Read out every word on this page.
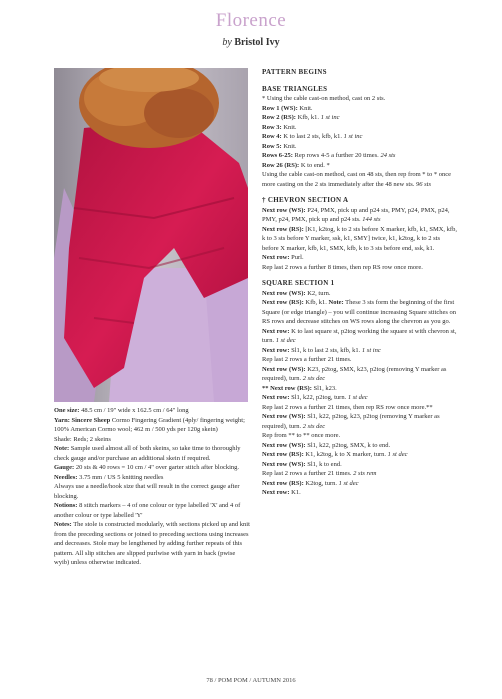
Florence
by Bristol Ivy

One size: 48.5 cm / 19" wide x 162.5 cm / 64" long

Yarn: Sincere Sheep Cormo Fingering Gradient (4ply/ fingering weight; 100% American Cormo wool; 462 m / 500 yds per 120g skein)

Shade: Reds; 2 skeins

Note: Sample used almost all of both skeins, so take time to thoroughly check gauge and/or purchase an additional skein if required.

Gauge: 20 sts & 40 rows = 10 cm / 4" over garter stitch after blocking.

Needles: 3.75 mm / US 5 knitting needles

Always use a needle/hook size that will result in the correct gauge after blocking.

Notions: 8 stitch markers – 4 of one colour or type labelled 'X' and 4 of another colour or type labelled 'Y'

Notes: The stole is constructed modularly, with sections picked up and knit from the preceding sections or joined to preceding sections using increases and decreases. Stole may be lengthened by adding further repeats of this pattern. All slip stitches are slipped purlwise with yarn in back (pwise wyib) unless otherwise indicated.

PATTERN BEGINS

BASE TRIANGLES

* Using the cable cast-on method, cast on 2 sts.

Row 1 (WS): Knit.

Row 2 (RS): Kfb, k1. 1 st inc

Row 3: Knit.

Row 4: K to last 2 sts, kfb, k1. 1 st inc

Row 5: Knit.

Rows 6-25: Rep rows 4-5 a further 20 times. 24 sts

Row 26 (RS): K to end. *

Using the cable cast-on method, cast on 48 sts, then rep from * to * once more casting on the 2 sts immediately after the 48 new sts. 96 sts

† CHEVRON SECTION A

Next row (WS): P24, PMX, pick up and p24 sts, PMY, p24, PMX, p24, PMY, p24, PMX, pick up and p24 sts. 144 sts

Next row (RS): [K1, k2tog, k to 2 sts before X marker, kfb, k1, SMX, kfb, k to 3 sts before Y marker, ssk, k1, SMY] twice, k1, k2tog, k to 2 sts before X marker, kfb, k1, SMX, kfb, k to 3 sts before end, ssk, k1.

Next row: Purl.

Rep last 2 rows a further 8 times, then rep RS row once more.

SQUARE SECTION 1

Next row (WS): K2, turn.

Next row (RS): Kfb, k1. Note: These 3 sts form the beginning of the first Square (or edge triangle) – you will continue increasing Square stitches on RS rows and decrease stitches on WS rows along the chevron as you go.

Next row: K to last square st, p2tog working the square st with chevron st, turn. 1 st dec

Next row: Sl1, k to last 2 sts, kfb, k1. 1 st inc

Rep last 2 rows a further 21 times.

Next row (WS): K23, p2tog, SMX, k23, p2tog (removing Y marker as required), turn. 2 sts dec

** Next row (RS): Sl1, k23.

Next row: Sl1, k22, p2tog, turn. 1 st dec

Rep last 2 rows a further 21 times, then rep RS row once more.**

Next row (WS): Sl1, k22, p2tog, k23, p2tog (removing Y marker as required), turn. 2 sts dec

Rep from ** to ** once more.

Next row (WS): Sl1, k22, p2tog, SMX, k to end.

Next row (RS): K1, k2tog, k to X marker, turn. 1 st dec

Next row (WS): Sl1, k to end.

Rep last 2 rows a further 21 times. 2 sts rem

Next row (RS): K2tog, turn. 1 st dec

Next row: K1.

78 / POM POM / AUTUMN 2016
